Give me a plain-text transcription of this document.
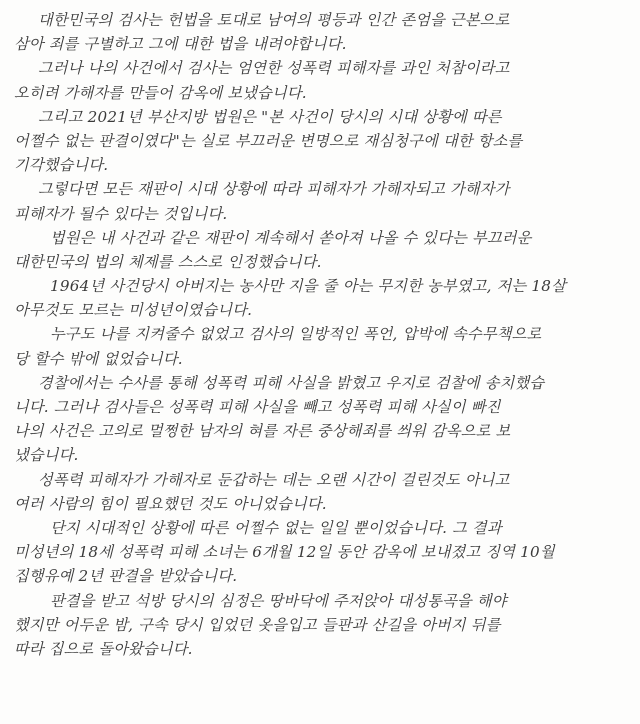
대한민국의 검사는 헌법을 토대로 남여의 평등과 인간 존엄을 근본으로
삼아 죄를 구별하고 그에 대한 법을 내려야합니다.
그러나 나의 사건에서 검사는 엄연한 성폭력 피해자를 과인 처참이라고
오히려 가해자를 만들어 감옥에 보냈습니다.
그리고 2021년 부산지방 법원은 "본 사건이 당시의 시대 상황에 따른
어쩔수 없는 판결이였다"는 실로 부끄러운 변명으로 재심청구에 대한 항소를
기각했습니다.
그렇다면 모든 재판이 시대 상황에 따라 피해자가 가해자되고 가해자가
피해자가 될수 있다는 것입니다.
법원은 내 사건과 같은 재판이 계속해서 쏟아져 나올 수 있다는 부끄러운
대한민국의 법의 체제를 스스로 인정했습니다.
1964년 사건당시 아버지는 농사만 지을 줄 아는 무지한 농부였고, 저는 18살
아무것도 모르는 미성년이였습니다.
누구도 나를 지켜줄수 없었고 검사의 일방적인 폭언, 압박에 속수무책으로
당 할수 밖에 없었습니다.
경찰에서는 수사를 통해 성폭력 피해 사실을 밝혔고 우지로 검찰에 송치했습
니다. 그러나 검사들은 성폭력 피해 사실을 빼고 성폭력 피해 사실이 빠진
나의 사건은 고의로 멀쩡한 남자의 혀를 자른 중상해죄를 씌워 감옥으로 보
냈습니다.
성폭력 피해자가 가해자로 둔갑하는 데는 오랜 시간이 걸린것도 아니고
여러 사람의 힘이 필요했던 것도 아니었습니다.
단지 시대적인 상황에 따른 어쩔수 없는 일일 뿐이었습니다. 그 결과
미성년의 18세 성폭력 피해 소녀는 6개월 12일 동안 감옥에 보내졌고 징역 10월
집행유예 2년 판결을 받았습니다.
판결을 받고 석방 당시의 심정은 땅바닥에 주저앉아 대성통곡을 해야
했지만 어두운 밤, 구속 당시 입었던 옷을입고 들판과 산길을 아버지 뒤를
따라 집으로 돌아왔습니다.
